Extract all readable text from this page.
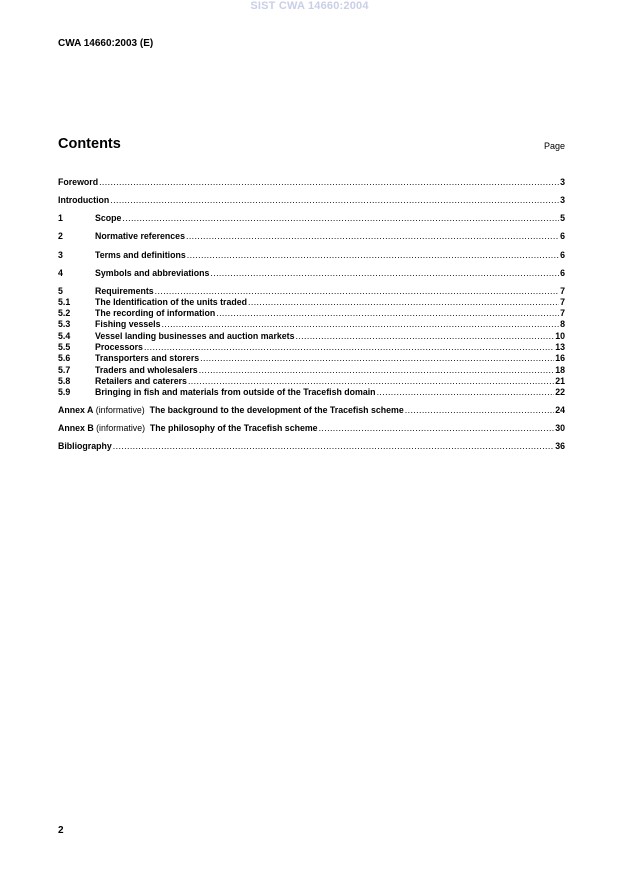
SIST CWA 14660:2004
CWA 14660:2003 (E)
Contents	Page
Foreword .....	3
Introduction .....	3
1	Scope .....	5
2	Normative references .....	6
3	Terms and definitions .....	6
4	Symbols and abbreviations .....	6
5	Requirements .....	7
5.1	The Identification of the units traded .....	7
5.2	The recording of information .....	7
5.3	Fishing vessels .....	8
5.4	Vessel landing businesses and auction markets .....	10
5.5	Processors .....	13
5.6	Transporters and storers .....	16
5.7	Traders and wholesalers .....	18
5.8	Retailers and caterers .....	21
5.9	Bringing in fish and materials from outside of the Tracefish domain .....	22
Annex A (informative)  The background to the development of the Tracefish scheme .....	24
Annex B (informative)  The philosophy of the Tracefish scheme .....	30
Bibliography .....	36
2
